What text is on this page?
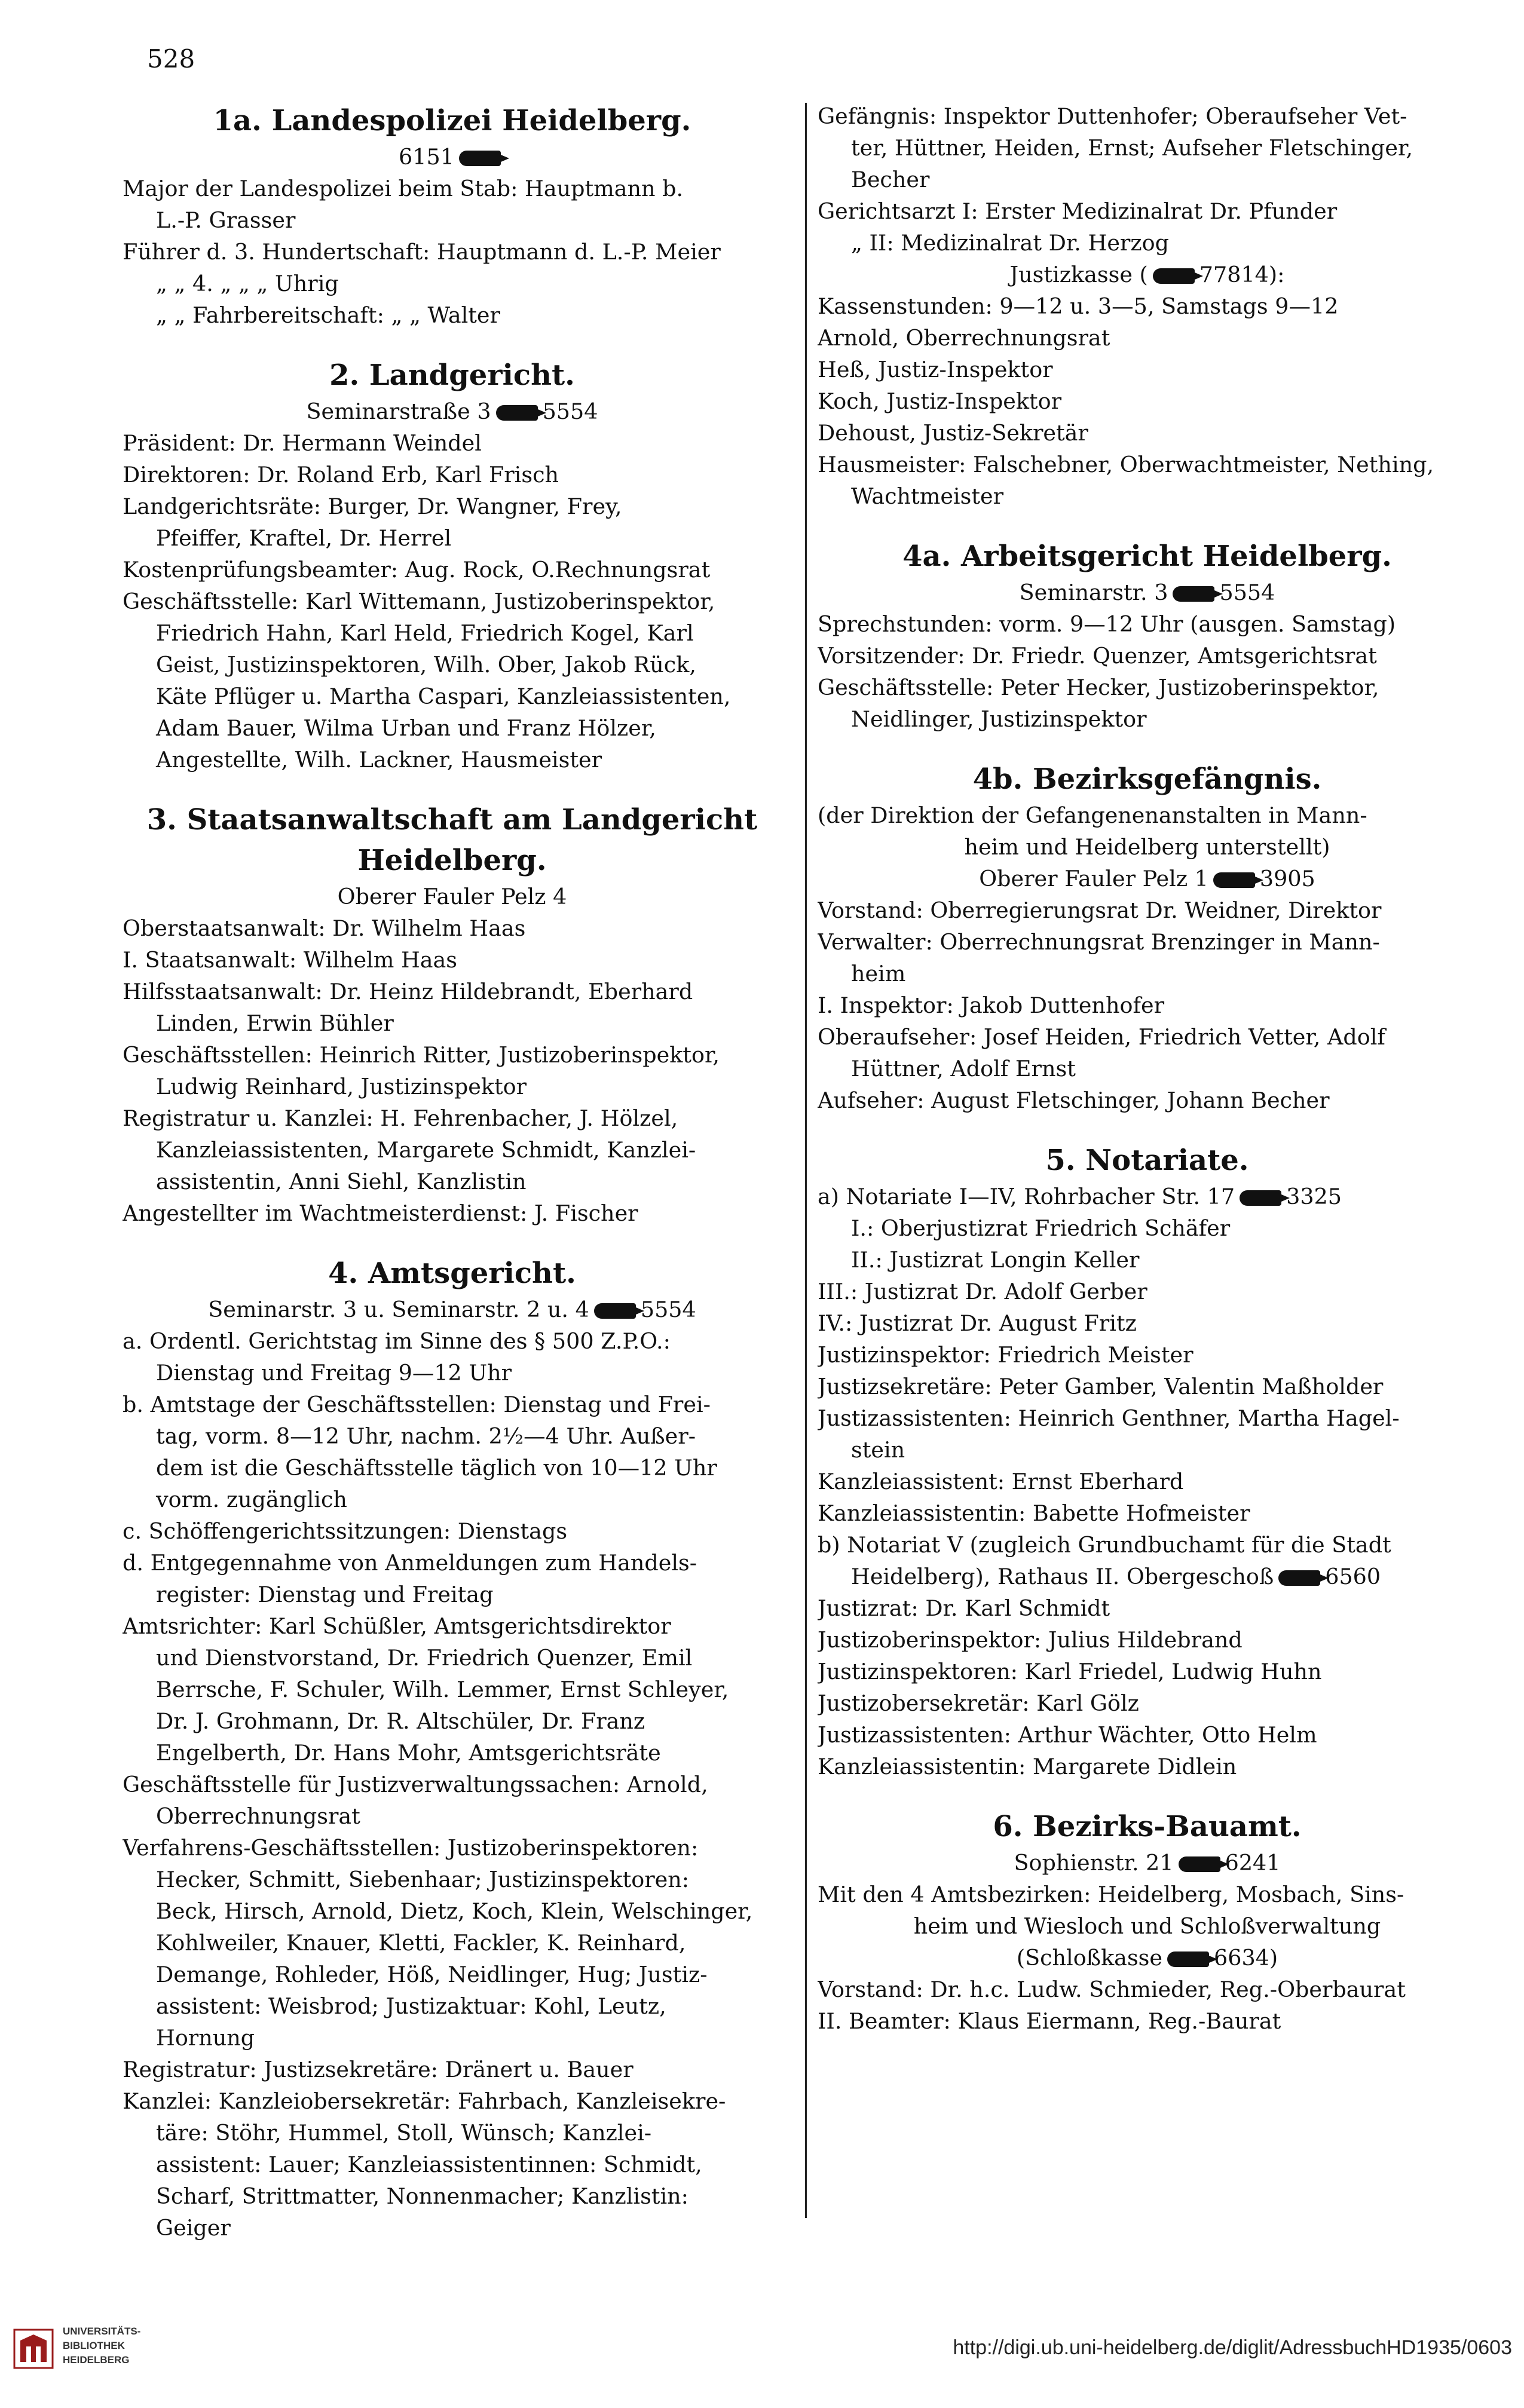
528
1a. Landespolizei Heidelberg.
6151
Major der Landespolizei beim Stab: Hauptmann b.
L.-P. Grasser
Führer d. 3. Hundertschaft: Hauptmann d. L.-P. Meier
„ „ 4. „ „ „ Uhrig
„ „ Fahrbereitschaft: „ „ Walter
2. Landgericht.
Seminarstraße 3 5554
Präsident: Dr. Hermann Weindel
Direktoren: Dr. Roland Erb, Karl Frisch
Landgerichtsräte: Burger, Dr. Wangner, Frey,
Pfeiffer, Kraftel, Dr. Herrel
Kostenprüfungsbeamter: Aug. Rock, O.Rechnungsrat
Geschäftsstelle: Karl Wittemann, Justizoberinspektor,
Friedrich Hahn, Karl Held, Friedrich Kogel, Karl
Geist, Justizinspektoren, Wilh. Ober, Jakob Rück,
Käte Pflüger u. Martha Caspari, Kanzleiassistenten,
Adam Bauer, Wilma Urban und Franz Hölzer,
Angestellte, Wilh. Lackner, Hausmeister
3. Staatsanwaltschaft am Landgericht
Heidelberg.
Oberer Fauler Pelz 4
Oberstaatsanwalt: Dr. Wilhelm Haas
I. Staatsanwalt: Wilhelm Haas
Hilfsstaatsanwalt: Dr. Heinz Hildebrandt, Eberhard
Linden, Erwin Bühler
Geschäftsstellen: Heinrich Ritter, Justizoberinspektor,
Ludwig Reinhard, Justizinspektor
Registratur u. Kanzlei: H. Fehrenbacher, J. Hölzel,
Kanzleiassistenten, Margarete Schmidt, Kanzlei-
assistentin, Anni Siehl, Kanzlistin
Angestellter im Wachtmeisterdienst: J. Fischer
4. Amtsgericht.
Seminarstr. 3 u. Seminarstr. 2 u. 4 5554
a. Ordentl. Gerichtstag im Sinne des § 500 Z.P.O.:
Dienstag und Freitag 9—12 Uhr
b. Amtstage der Geschäftsstellen: Dienstag und Frei-
tag, vorm. 8—12 Uhr, nachm. 2½—4 Uhr. Außer-
dem ist die Geschäftsstelle täglich von 10—12 Uhr
vorm. zugänglich
c. Schöffengerichtssitzungen: Dienstags
d. Entgegennahme von Anmeldungen zum Handels-
register: Dienstag und Freitag
Amtsrichter: Karl Schüßler, Amtsgerichtsdirektor
und Dienstvorstand, Dr. Friedrich Quenzer, Emil
Berrsche, F. Schuler, Wilh. Lemmer, Ernst Schleyer,
Dr. J. Grohmann, Dr. R. Altschüler, Dr. Franz
Engelberth, Dr. Hans Mohr, Amtsgerichtsräte
Geschäftsstelle für Justizverwaltungssachen: Arnold,
Oberrechnungsrat
Verfahrens-Geschäftsstellen: Justizoberinspektoren:
Hecker, Schmitt, Siebenhaar; Justizinspektoren:
Beck, Hirsch, Arnold, Dietz, Koch, Klein, Welschinger,
Kohlweiler, Knauer, Kletti, Fackler, K. Reinhard,
Demange, Rohleder, Höß, Neidlinger, Hug; Justiz-
assistent: Weisbrod; Justizaktuar: Kohl, Leutz,
Hornung
Registratur: Justizsekretäre: Dränert u. Bauer
Kanzlei: Kanzleiobersekretär: Fahrbach, Kanzleisekre-
täre: Stöhr, Hummel, Stoll, Wünsch; Kanzlei-
assistent: Lauer; Kanzleiassistentinnen: Schmidt,
Scharf, Strittmatter, Nonnenmacher; Kanzlistin:
Geiger
Gefängnis: Inspektor Duttenhofer; Oberaufseher Vet-
ter, Hüttner, Heiden, Ernst; Aufseher Fletschinger,
Becher
Gerichtsarzt I: Erster Medizinalrat Dr. Pfunder
„ II: Medizinalrat Dr. Herzog
Justizkasse ( 77814):
Kassenstunden: 9—12 u. 3—5, Samstags 9—12
Arnold, Oberrechnungsrat
Heß, Justiz-Inspektor
Koch, Justiz-Inspektor
Dehoust, Justiz-Sekretär
Hausmeister: Falschebner, Oberwachtmeister, Nething,
Wachtmeister
4a. Arbeitsgericht Heidelberg.
Seminarstr. 3 5554
Sprechstunden: vorm. 9—12 Uhr (ausgen. Samstag)
Vorsitzender: Dr. Friedr. Quenzer, Amtsgerichtsrat
Geschäftsstelle: Peter Hecker, Justizoberinspektor,
Neidlinger, Justizinspektor
4b. Bezirksgefängnis.
(der Direktion der Gefangenenanstalten in Mann-
heim und Heidelberg unterstellt)
Oberer Fauler Pelz 1 3905
Vorstand: Oberregierungsrat Dr. Weidner, Direktor
Verwalter: Oberrechnungsrat Brenzinger in Mann-
heim
I. Inspektor: Jakob Duttenhofer
Oberaufseher: Josef Heiden, Friedrich Vetter, Adolf
Hüttner, Adolf Ernst
Aufseher: August Fletschinger, Johann Becher
5. Notariate.
a) Notariate I—IV, Rohrbacher Str. 17 3325
I.: Oberjustizrat Friedrich Schäfer
II.: Justizrat Longin Keller
III.: Justizrat Dr. Adolf Gerber
IV.: Justizrat Dr. August Fritz
Justizinspektor: Friedrich Meister
Justizsekretäre: Peter Gamber, Valentin Maßholder
Justizassistenten: Heinrich Genthner, Martha Hagel-
stein
Kanzleiassistent: Ernst Eberhard
Kanzleiassistentin: Babette Hofmeister
b) Notariat V (zugleich Grundbuchamt für die Stadt
Heidelberg), Rathaus II. Obergeschoß 6560
Justizrat: Dr. Karl Schmidt
Justizoberinspektor: Julius Hildebrand
Justizinspektoren: Karl Friedel, Ludwig Huhn
Justizobersekretär: Karl Gölz
Justizassistenten: Arthur Wächter, Otto Helm
Kanzleiassistentin: Margarete Didlein
6. Bezirks-Bauamt.
Sophienstr. 21 6241
Mit den 4 Amtsbezirken: Heidelberg, Mosbach, Sins-
heim und Wiesloch und Schloßverwaltung
(Schloßkasse 6634)
Vorstand: Dr. h.c. Ludw. Schmieder, Reg.-Oberbaurat
II. Beamter: Klaus Eiermann, Reg.-Baurat
UNIVERSITÄTS-
BIBLIOTHEK
HEIDELBERG
http://digi.ub.uni-heidelberg.de/diglit/AdressbuchHD1935/0603
